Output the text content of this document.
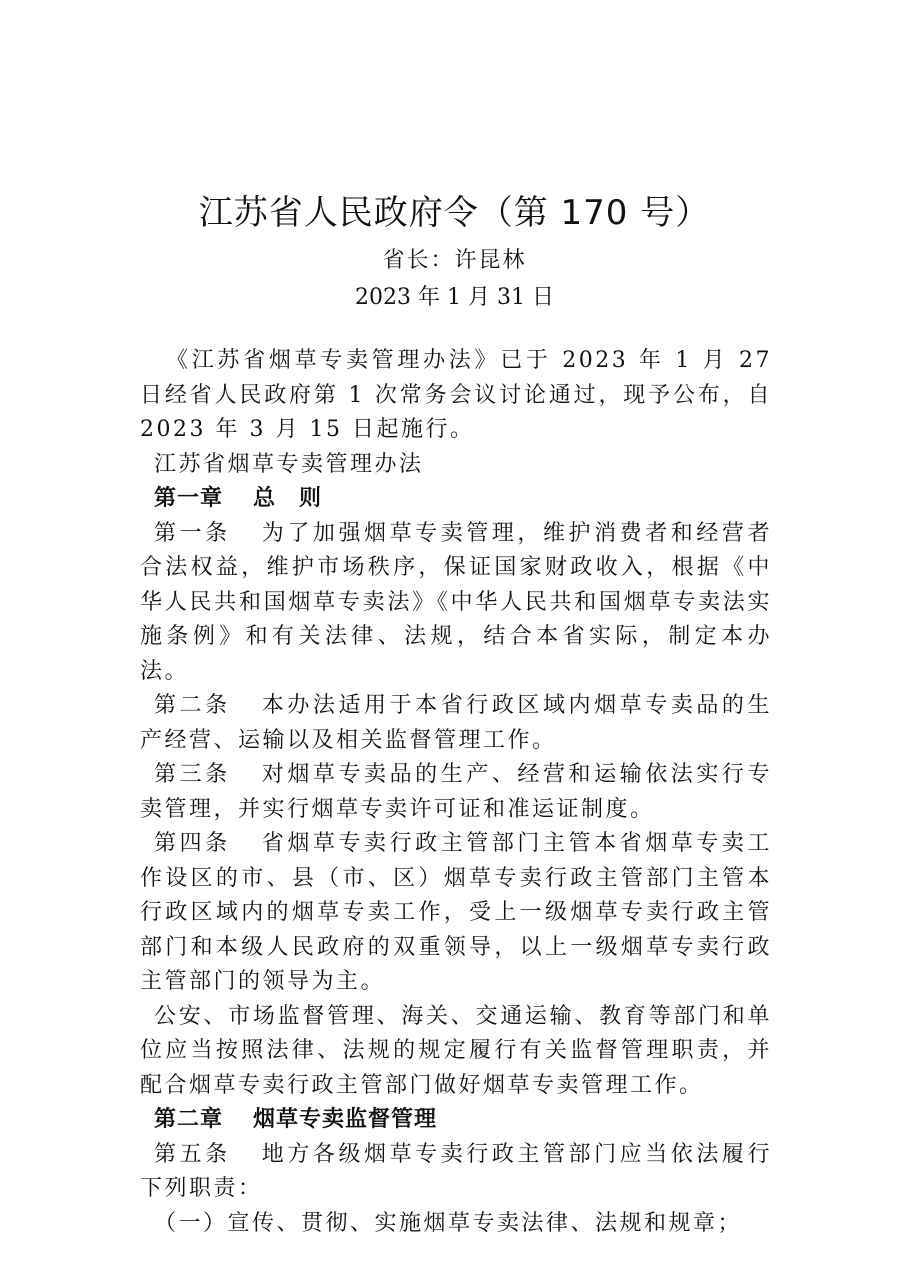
江苏省人民政府令（第 170 号）

省长：许昆林

2023 年 1 月 31 日

《江苏省烟草专卖管理办法》已于 2023 年 1 月 27 日经省人民政府第 1 次常务会议讨论通过，现予公布，自 2023 年 3 月 15 日起施行。

江苏省烟草专卖管理办法

第一章 总　则

第一条 为了加强烟草专卖管理，维护消费者和经营者合法权益，维护市场秩序，保证国家财政收入，根据《中华人民共和国烟草专卖法》《中华人民共和国烟草专卖法实施条例》和有关法律、法规，结合本省实际，制定本办法。

第二条 本办法适用于本省行政区域内烟草专卖品的生产经营、运输以及相关监督管理工作。

第三条 对烟草专卖品的生产、经营和运输依法实行专卖管理，并实行烟草专卖许可证和准运证制度。

第四条 省烟草专卖行政主管部门主管本省烟草专卖工作设区的市、县（市、区）烟草专卖行政主管部门主管本行政区域内的烟草专卖工作，受上一级烟草专卖行政主管部门和本级人民政府的双重领导，以上一级烟草专卖行政主管部门的领导为主。

公安、市场监督管理、海关、交通运输、教育等部门和单位应当按照法律、法规的规定履行有关监督管理职责，并配合烟草专卖行政主管部门做好烟草专卖管理工作。

第二章 烟草专卖监督管理

第五条 地方各级烟草专卖行政主管部门应当依法履行下列职责：

（一）宣传、贯彻、实施烟草专卖法律、法规和规章；
